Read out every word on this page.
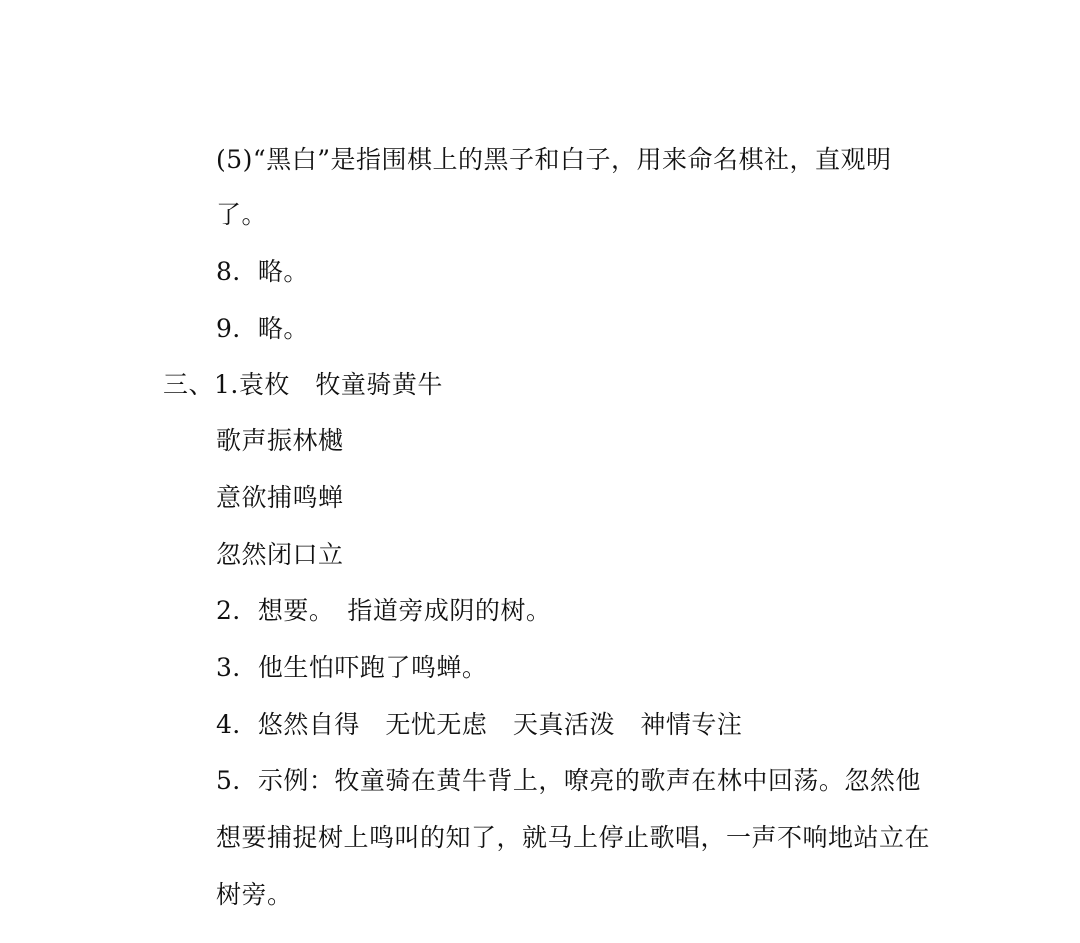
(5)“黑白”是指围棋上的黑子和白子，用来命名棋社，直观明
了。
8．略。
9．略。
三、1.袁枚　牧童骑黄牛
歌声振林樾
意欲捕鸣蝉
忽然闭口立
2．想要。　指道旁成阴的树。
3．他生怕吓跑了鸣蝉。
4．悠然自得　无忧无虑　天真活泼　神情专注
5．示例：牧童骑在黄牛背上，嘹亮的歌声在林中回荡。忽然他
想要捕捉树上鸣叫的知了，就马上停止歌唱，一声不响地站立在
树旁。
